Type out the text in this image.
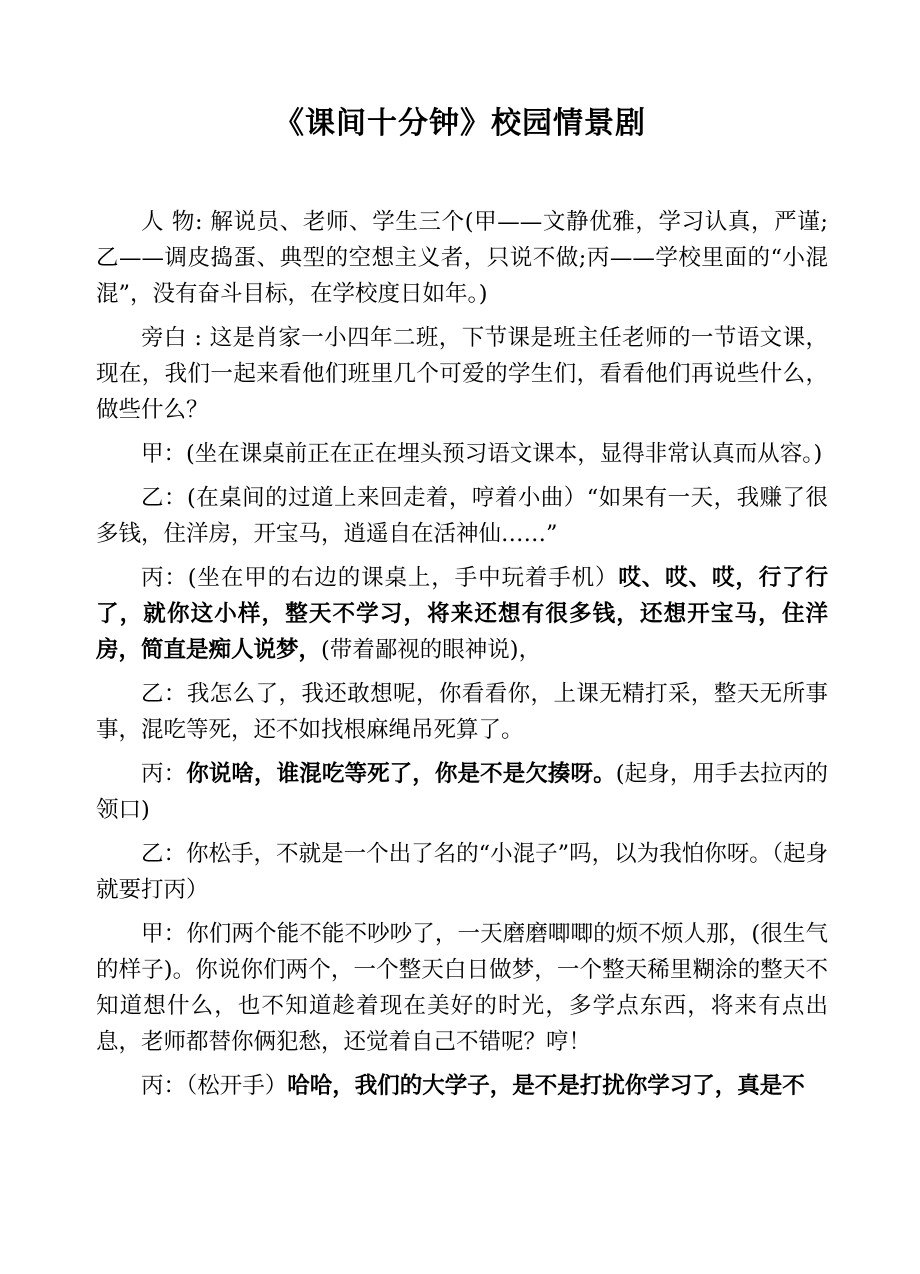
《课间十分钟》校园情景剧

人 物: 解说员、老师、学生三个(甲——文静优雅，学习认真，严谨; 乙——调皮捣蛋、典型的空想主义者，只说不做;丙——学校里面的“小混混”，没有奋斗目标，在学校度日如年。)

旁白 : 这是肖家一小四年二班，下节课是班主任老师的一节语文课，现在，我们一起来看他们班里几个可爱的学生们，看看他们再说些什么，做些什么？

甲：(坐在课桌前正在正在埋头预习语文课本，显得非常认真而从容。)

乙：(在桌间的过道上来回走着，哼着小曲）“如果有一天，我赚了很多钱，住洋房，开宝马，逍遥自在活神仙……”

丙：(坐在甲的右边的课桌上，手中玩着手机）哎、哎、哎，行了行了，就你这小样，整天不学习，将来还想有很多钱，还想开宝马，住洋房，简直是痴人说梦，(带着鄙视的眼神说)，

乙：我怎么了，我还敢想呢，你看看你，上课无精打采，整天无所事事，混吃等死，还不如找根麻绳吊死算了。

丙：你说啥，谁混吃等死了，你是不是欠揍呀。(起身，用手去拉丙的领口)

乙：你松手，不就是一个出了名的“小混子”吗，以为我怕你呀。（起身就要打丙）

甲：你们两个能不能不吵吵了，一天磨磨唧唧的烦不烦人那，(很生气的样子)。你说你们两个，一个整天白日做梦，一个整天稀里糊涂的整天不知道想什么，也不知道趁着现在美好的时光，多学点东西，将来有点出息，老师都替你俩犯愁，还觉着自己不错呢？哼！

丙：（松开手）哈哈，我们的大学子，是不是打扰你学习了，真是不
